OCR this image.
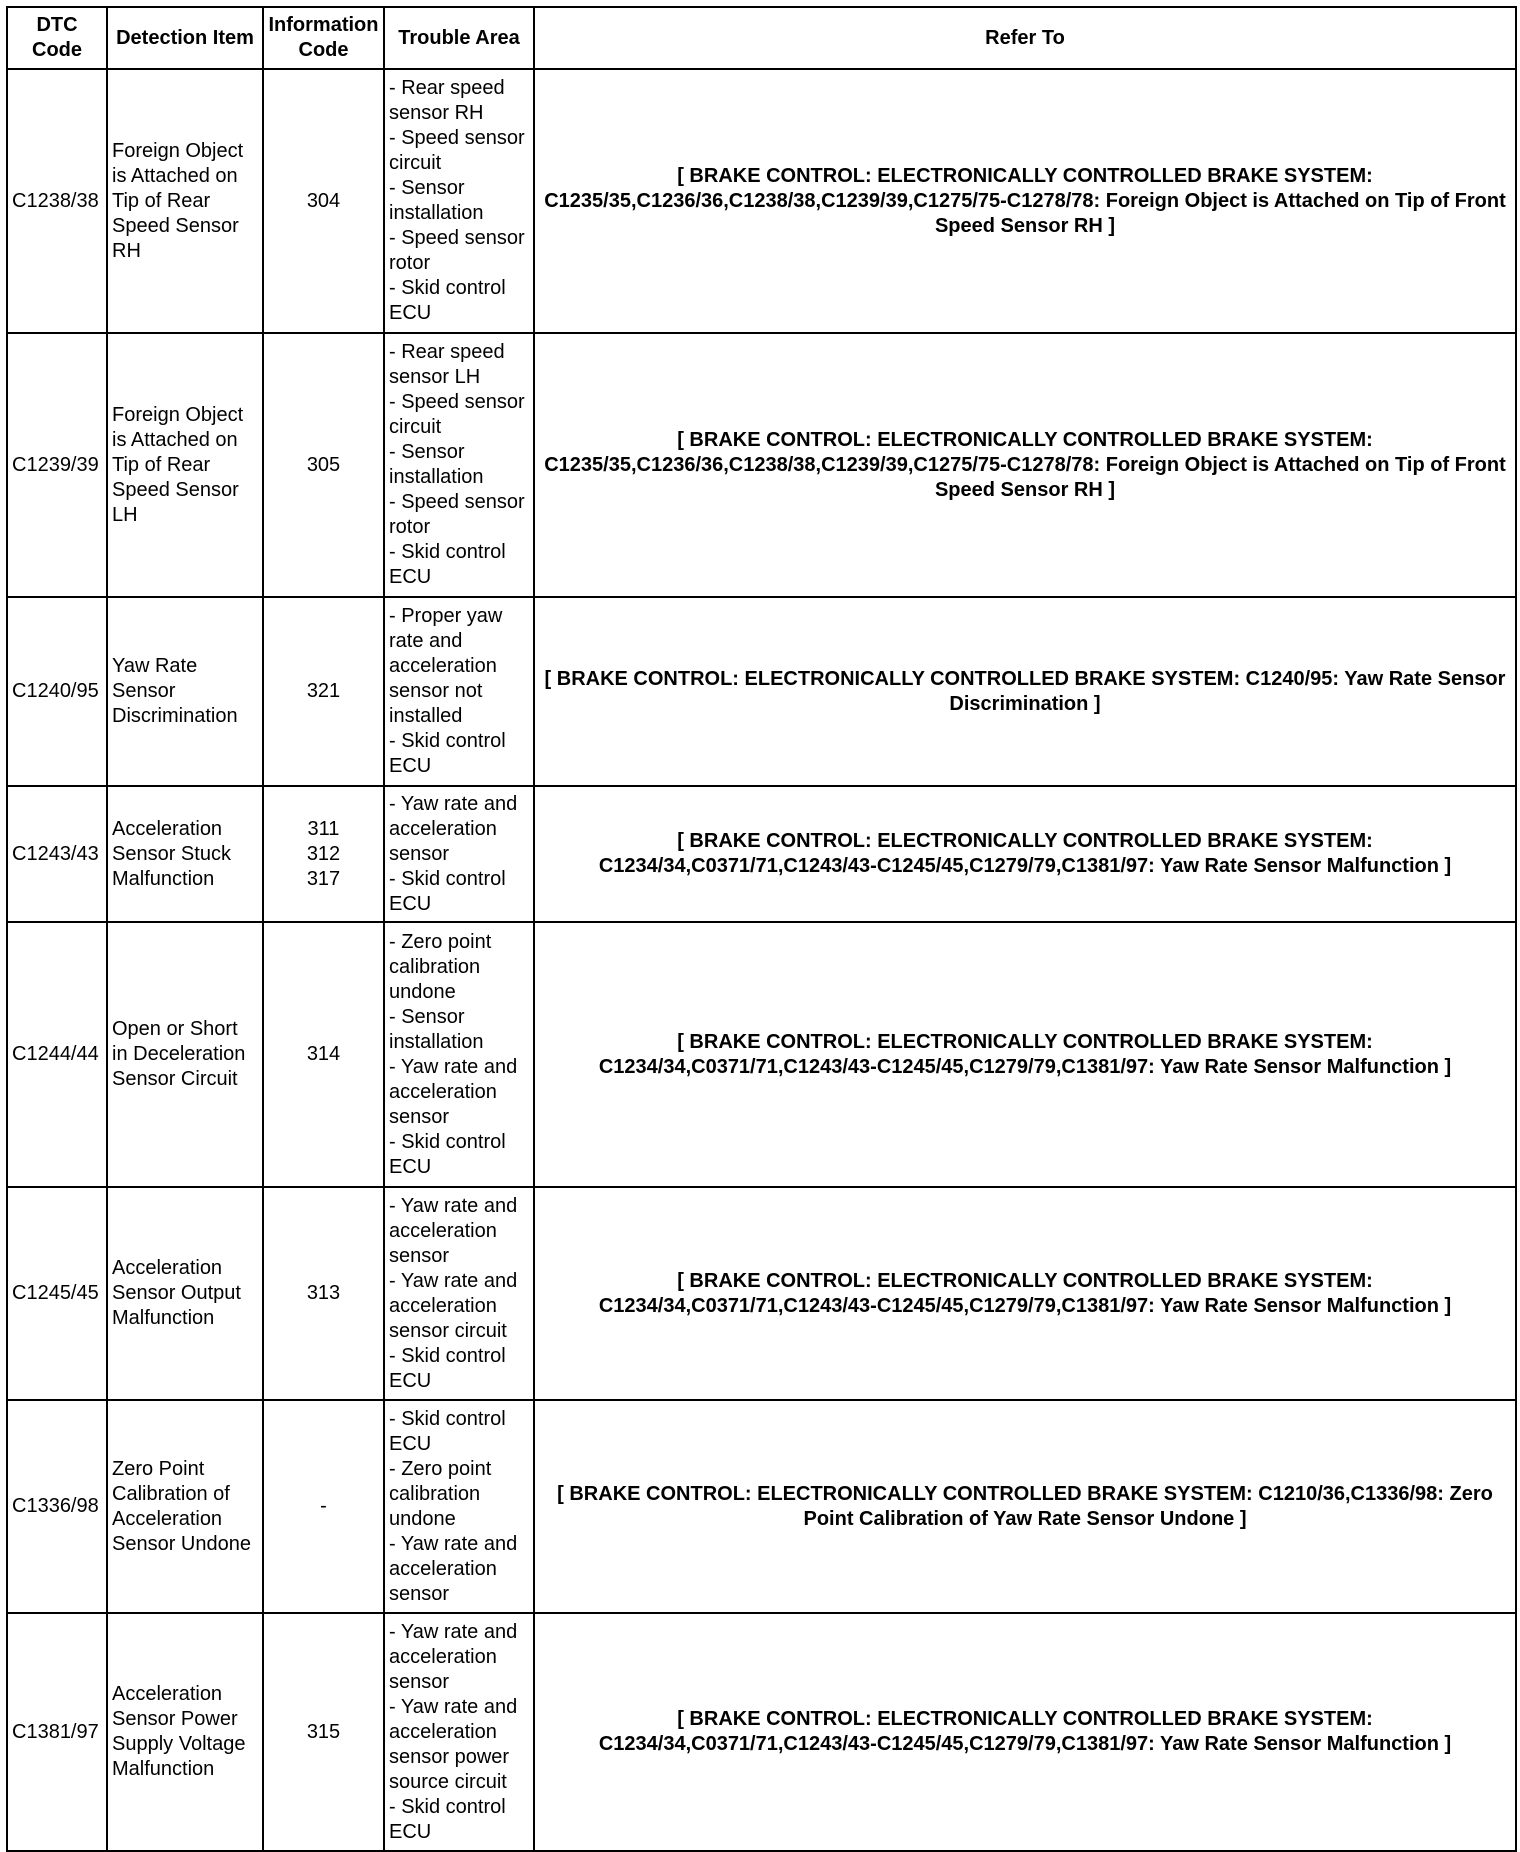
DTC Code	Detection Item	Information Code	Trouble Area	Refer To
C1238/38	Foreign Object is Attached on Tip of Rear Speed Sensor RH	304	- Rear speed sensor RH
- Speed sensor circuit
- Sensor installation
- Speed sensor rotor
- Skid control ECU	[ BRAKE CONTROL: ELECTRONICALLY CONTROLLED BRAKE SYSTEM: C1235/35,C1236/36,C1238/38,C1239/39,C1275/75-C1278/78: Foreign Object is Attached on Tip of Front Speed Sensor RH ]
C1239/39	Foreign Object is Attached on Tip of Rear Speed Sensor LH	305	- Rear speed sensor LH
- Speed sensor circuit
- Sensor installation
- Speed sensor rotor
- Skid control ECU	[ BRAKE CONTROL: ELECTRONICALLY CONTROLLED BRAKE SYSTEM: C1235/35,C1236/36,C1238/38,C1239/39,C1275/75-C1278/78: Foreign Object is Attached on Tip of Front Speed Sensor RH ]
C1240/95	Yaw Rate Sensor Discrimination	321	- Proper yaw rate and acceleration sensor not installed
- Skid control ECU	[ BRAKE CONTROL: ELECTRONICALLY CONTROLLED BRAKE SYSTEM: C1240/95: Yaw Rate Sensor Discrimination ]
C1243/43	Acceleration Sensor Stuck Malfunction	311
312
317	- Yaw rate and acceleration sensor
- Skid control ECU	[ BRAKE CONTROL: ELECTRONICALLY CONTROLLED BRAKE SYSTEM: C1234/34,C0371/71,C1243/43-C1245/45,C1279/79,C1381/97: Yaw Rate Sensor Malfunction ]
C1244/44	Open or Short in Deceleration Sensor Circuit	314	- Zero point calibration undone
- Sensor installation
- Yaw rate and acceleration sensor
- Skid control ECU	[ BRAKE CONTROL: ELECTRONICALLY CONTROLLED BRAKE SYSTEM: C1234/34,C0371/71,C1243/43-C1245/45,C1279/79,C1381/97: Yaw Rate Sensor Malfunction ]
C1245/45	Acceleration Sensor Output Malfunction	313	- Yaw rate and acceleration sensor
- Yaw rate and acceleration sensor circuit
- Skid control ECU	[ BRAKE CONTROL: ELECTRONICALLY CONTROLLED BRAKE SYSTEM: C1234/34,C0371/71,C1243/43-C1245/45,C1279/79,C1381/97: Yaw Rate Sensor Malfunction ]
C1336/98	Zero Point Calibration of Acceleration Sensor Undone	-	- Skid control ECU
- Zero point calibration undone
- Yaw rate and acceleration sensor	[ BRAKE CONTROL: ELECTRONICALLY CONTROLLED BRAKE SYSTEM: C1210/36,C1336/98: Zero Point Calibration of Yaw Rate Sensor Undone ]
C1381/97	Acceleration Sensor Power Supply Voltage Malfunction	315	- Yaw rate and acceleration sensor
- Yaw rate and acceleration sensor power source circuit
- Skid control ECU	[ BRAKE CONTROL: ELECTRONICALLY CONTROLLED BRAKE SYSTEM: C1234/34,C0371/71,C1243/43-C1245/45,C1279/79,C1381/97: Yaw Rate Sensor Malfunction ]
